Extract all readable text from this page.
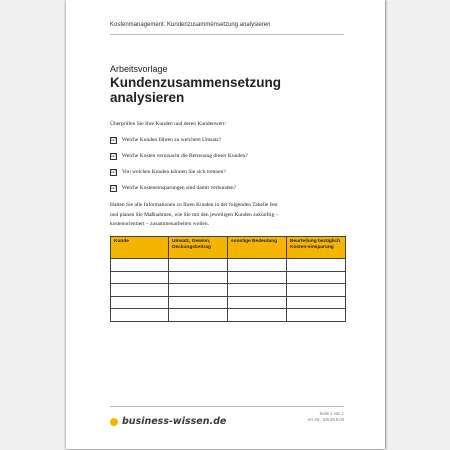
Kostenmanagement: Kundenzusammensetzung analysieren
Arbeitsvorlage
Kundenzusammensetzung
analysieren
Überprüfen Sie Ihre Kunden und deren Kundenwert:
☑ Welche Kunden führen zu welchem Umsatz?
☑ Welche Kosten verursacht die Betreuung dieser Kunden?
☑ Von welchen Kunden können Sie sich trennen?
☑ Welche Kosteneinsparungen sind damit verbunden?
Halten Sie alle Informationen zu Ihren Kunden in der folgenden Tabelle fest
und planen Sie Maßnahmen, wie Sie mit den jeweiligen Kunden zukünftig –
kostenorientiert – zusammenarbeiten wollen.
Kunde	Umsatz, Gewinn, Deckungsbeitrag	sonstige Bedeutung	Beurteilung bezüglich Kosten-einsparung

business-wissen.de
Seite 1 von 1
Art.-Nr.: 5/8.09.6.03
